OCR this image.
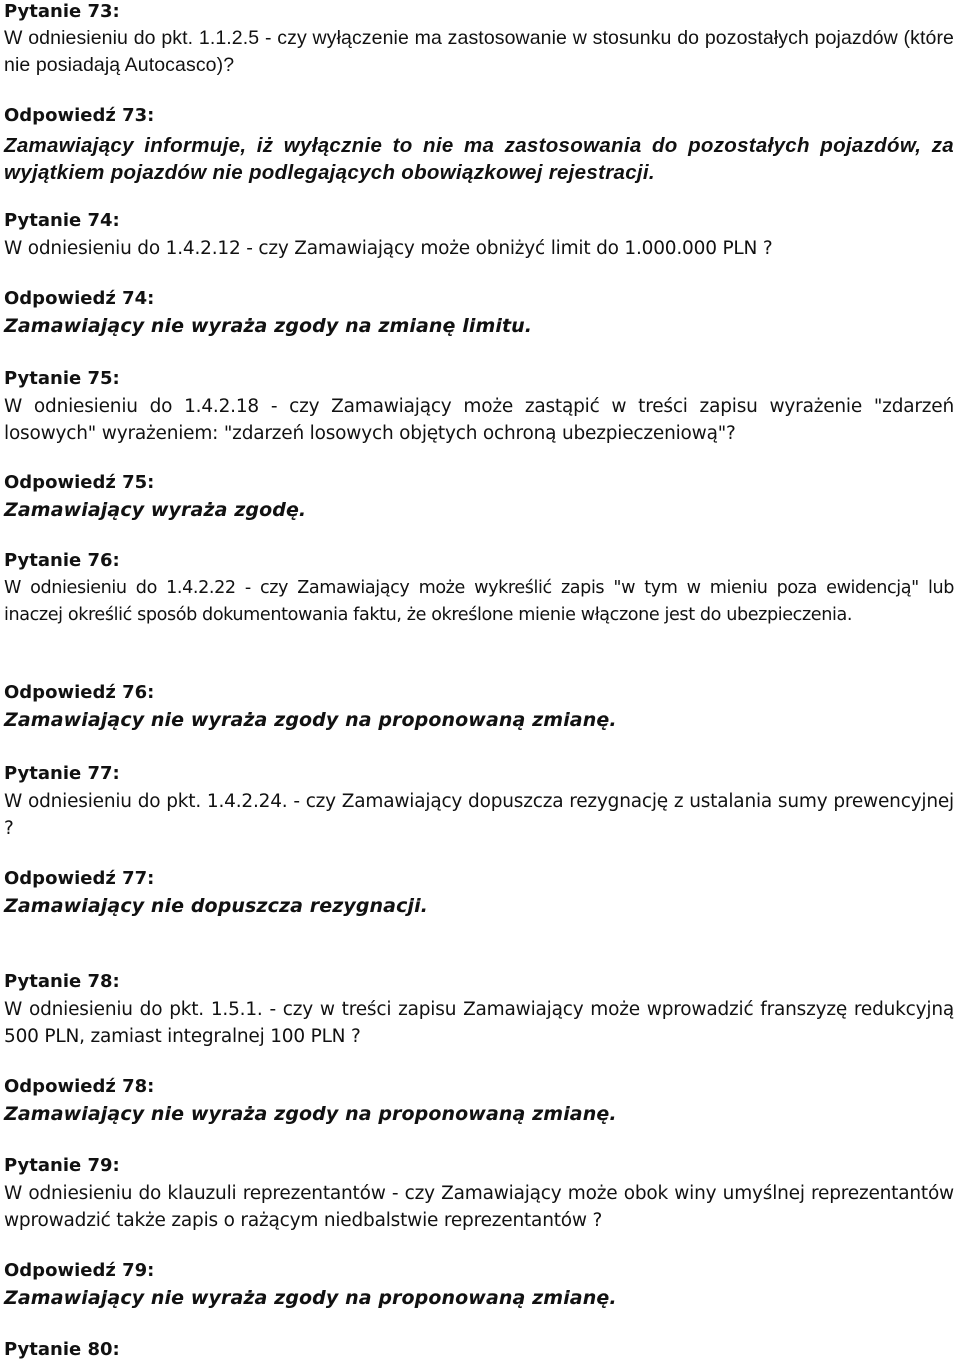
Pytanie 73:

W odniesieniu do pkt. 1.1.2.5 - czy wyłączenie ma zastosowanie w stosunku do pozostałych pojazdów (które nie posiadają Autocasco)?

Odpowiedź 73:

Zamawiający informuje, iż wyłącznie to nie ma zastosowania do pozostałych pojazdów, za wyjątkiem pojazdów nie podlegających obowiązkowej rejestracji.

Pytanie 74:

W odniesieniu do 1.4.2.12 - czy Zamawiający może obniżyć limit do 1.000.000 PLN ?

Odpowiedź 74:

Zamawiający nie wyraża zgody na zmianę limitu.

Pytanie 75:

W odniesieniu do 1.4.2.18 - czy Zamawiający może zastąpić w treści zapisu wyrażenie "zdarzeń losowych" wyrażeniem: "zdarzeń losowych objętych ochroną ubezpieczeniową"?

Odpowiedź 75:

Zamawiający wyraża zgodę.

Pytanie 76:

W odniesieniu do 1.4.2.22 - czy Zamawiający może wykreślić zapis "w tym w mieniu poza ewidencją" lub inaczej określić sposób dokumentowania faktu, że określone mienie włączone jest do ubezpieczenia.

Odpowiedź 76:

Zamawiający nie wyraża zgody na proponowaną zmianę.

Pytanie 77:

W odniesieniu do pkt. 1.4.2.24. - czy Zamawiający dopuszcza rezygnację z ustalania sumy prewencyjnej ?

Odpowiedź 77:

Zamawiający nie dopuszcza rezygnacji.

Pytanie 78:

W odniesieniu do pkt. 1.5.1. - czy w treści zapisu Zamawiający może wprowadzić franszyzę redukcyjną 500 PLN, zamiast integralnej 100 PLN ?

Odpowiedź 78:

Zamawiający nie wyraża zgody na proponowaną zmianę.

Pytanie 79:

W odniesieniu do klauzuli reprezentantów - czy Zamawiający może obok winy umyślnej reprezentantów wprowadzić także zapis o rażącym niedbalstwie reprezentantów ?

Odpowiedź 79:

Zamawiający nie wyraża zgody na proponowaną zmianę.

Pytanie 80:
